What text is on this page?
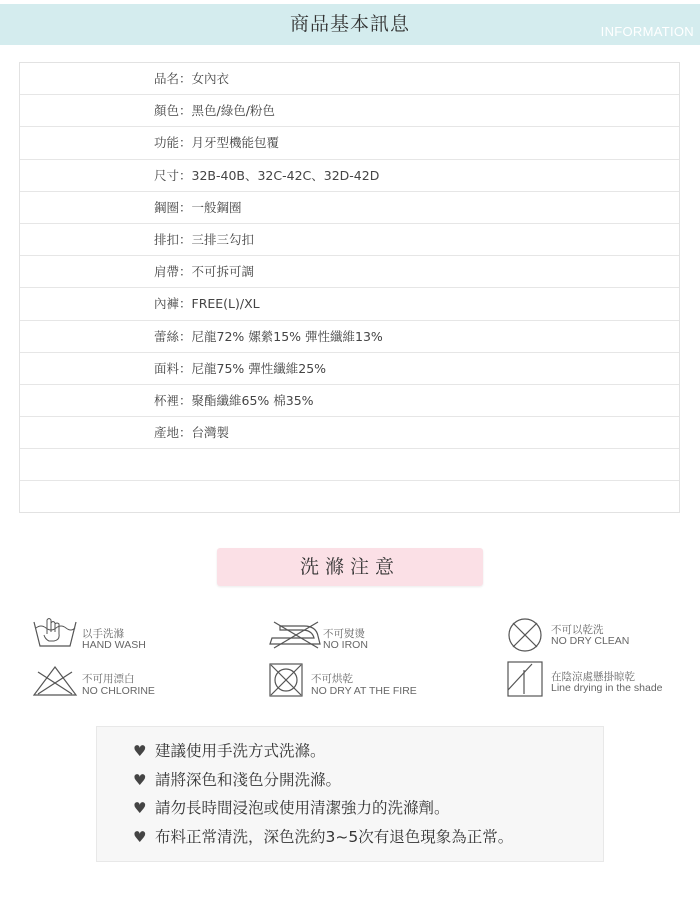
商品基本訊息	INFORMATION
品名：女內衣
顏色：黑色/綠色/粉色
功能：月牙型機能包覆
尺寸：32B-40B、32C-42C、32D-42D
鋼圈：一般鋼圈
排扣：三排三勾扣
肩帶：不可拆可調
內褲：FREE(L)/XL
蕾絲：尼龍72% 嫘縈15% 彈性纖維13%
面料：尼龍75% 彈性纖維25%
杯裡：聚酯纖維65% 棉35%
產地：台灣製
洗滌注意
以手洗滌
HAND WASH
不可熨燙
NO IRON
不可以乾洗
NO DRY CLEAN
不可用漂白
NO CHLORINE
不可烘乾
NO DRY AT THE FIRE
在陰涼處懸掛晾乾
Line drying in the shade
♥ 建議使用手洗方式洗滌。
♥ 請將深色和淺色分開洗滌。
♥ 請勿長時間浸泡或使用清潔強力的洗滌劑。
♥ 布料正常清洗，深色洗約3~5次有退色現象為正常。
